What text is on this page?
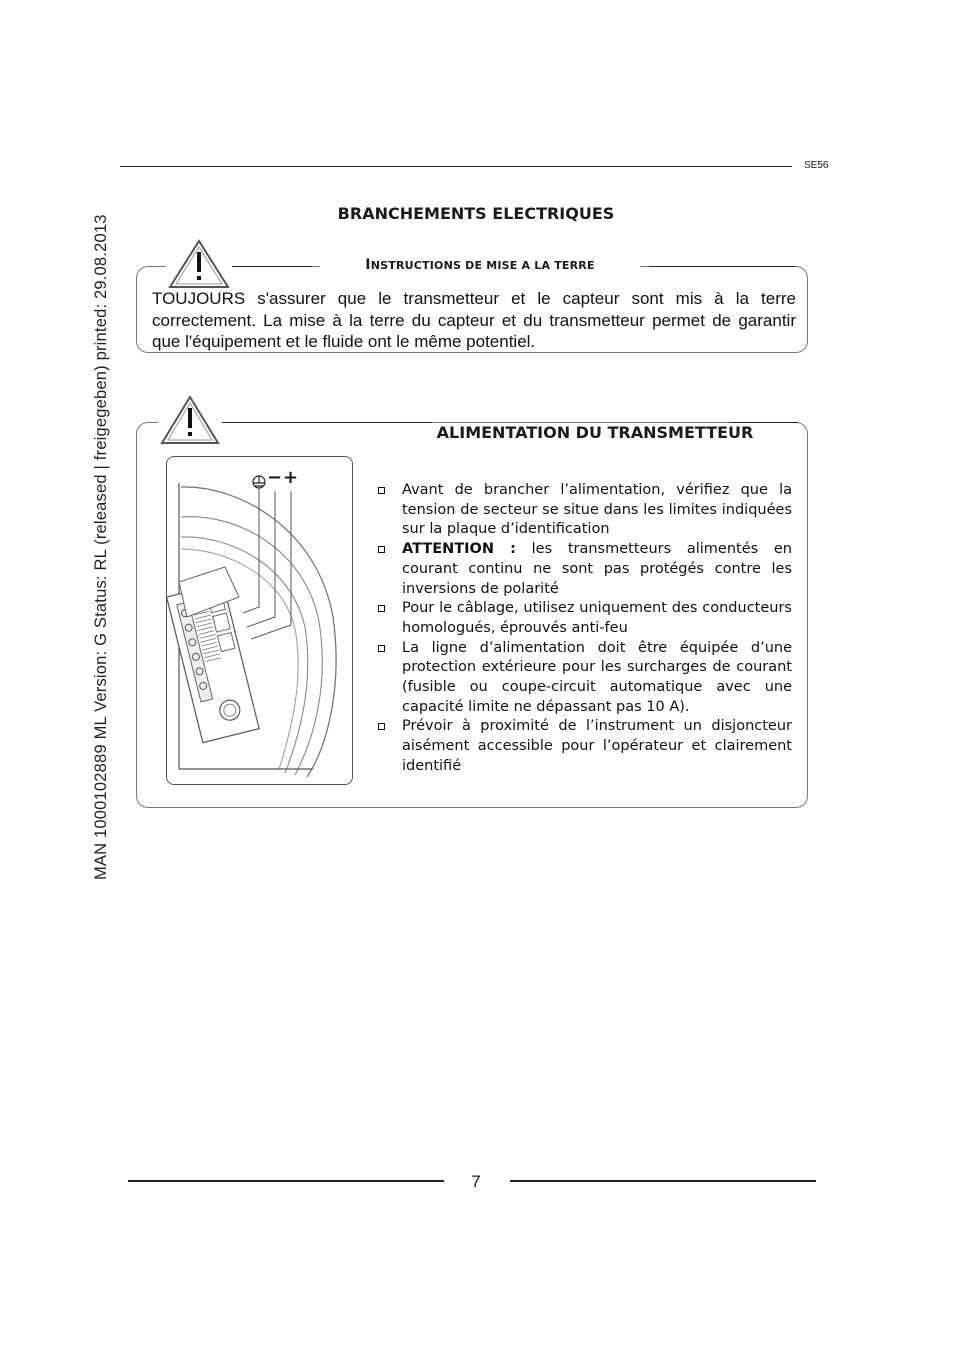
MAN 1000102889 ML Version: G Status: RL (released | freigegeben) printed: 29.08.2013
SE56
BRANCHEMENTS ELECTRIQUES
INSTRUCTIONS DE MISE A LA TERRE
TOUJOURS s'assurer que le transmetteur et le capteur sont mis à la terre correctement. La mise à la terre du capteur et du transmetteur permet de garantir que l'équipement et le fluide ont le même potentiel.
ALIMENTATION DU TRANSMETTEUR
− +
Avant de brancher l’alimentation, vérifiez que la tension de secteur se situe dans les limites indiquées sur la plaque d’identification
ATTENTION : les transmetteurs alimentés en courant continu ne sont pas protégés contre les inversions de polarité
Pour le câblage, utilisez uniquement des conducteurs homologués, éprouvés anti-feu
La ligne d’alimentation doit être équipée d’une protection extérieure pour les surcharges de courant (fusible ou coupe-circuit automatique avec une capacité limite ne dépassant pas 10 A).
Prévoir à proximité de l’instrument un disjoncteur aisément accessible pour l’opérateur et clairement identifié
7
